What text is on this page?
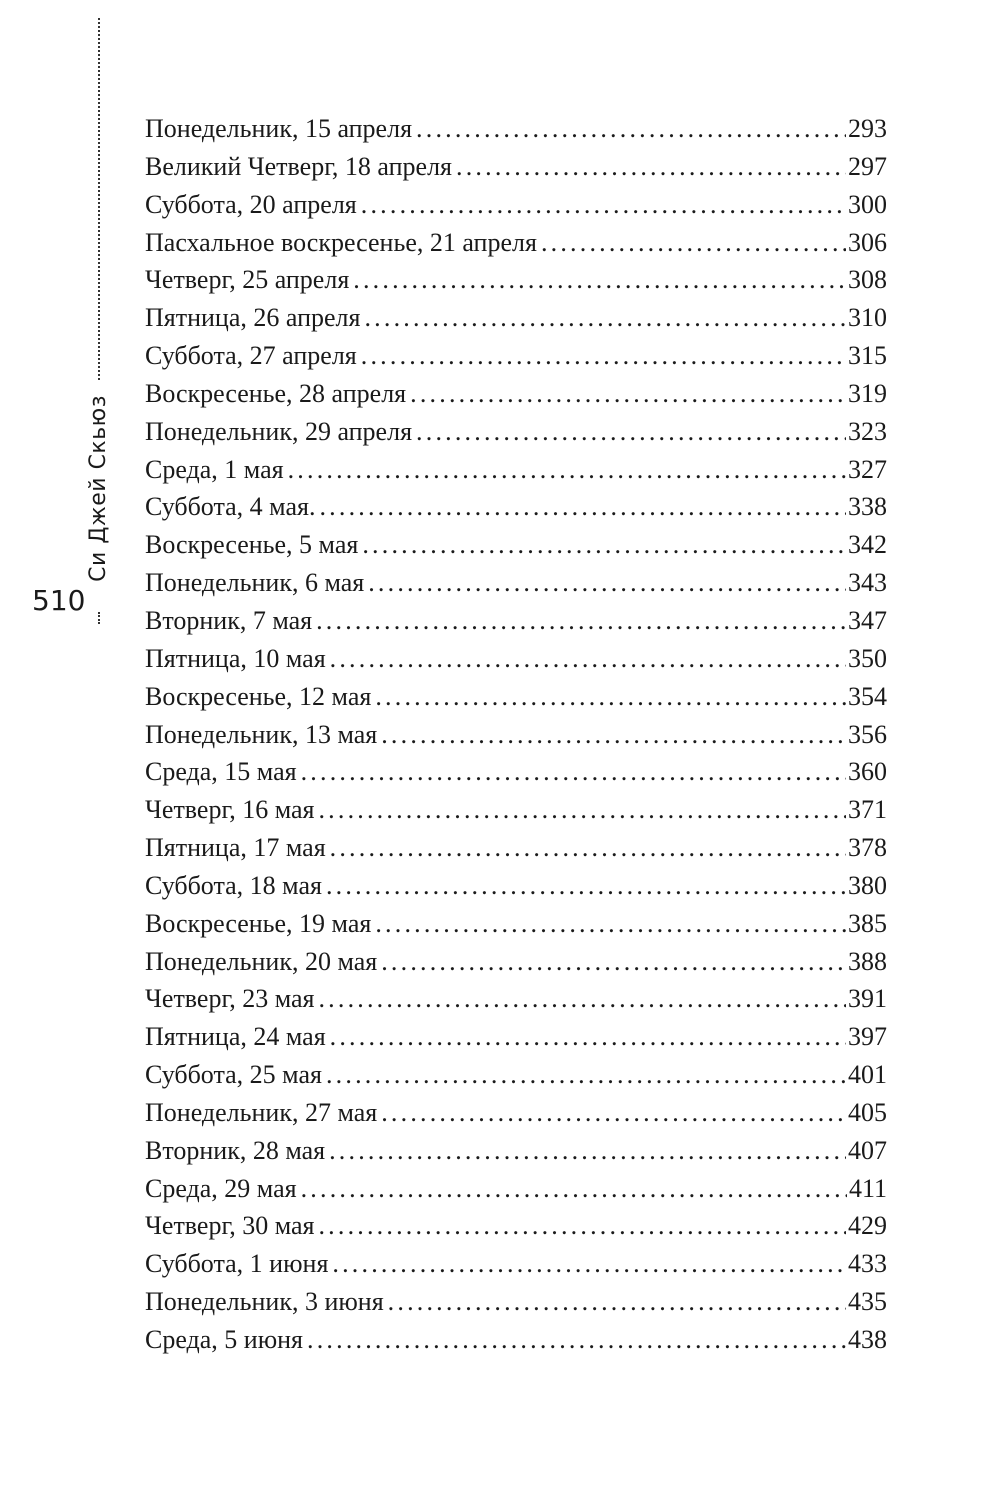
Си Джей Скьюз
510
Понедельник, 15 апреля .....	293
Великий Четверг, 18 апреля .....	297
Суббота, 20 апреля .....	300
Пасхальное воскресенье, 21 апреля .....	306
Четверг, 25 апреля .....	308
Пятница, 26 апреля .....	310
Суббота, 27 апреля .....	315
Воскресенье, 28 апреля .....	319
Понедельник, 29 апреля .....	323
Среда, 1 мая .....	327
Суббота, 4 мая. .....	338
Воскресенье, 5 мая .....	342
Понедельник, 6 мая .....	343
Вторник, 7 мая .....	347
Пятница, 10 мая .....	350
Воскресенье, 12 мая .....	354
Понедельник, 13 мая .....	356
Среда, 15 мая .....	360
Четверг, 16 мая .....	371
Пятница, 17 мая .....	378
Суббота, 18 мая .....	380
Воскресенье, 19 мая .....	385
Понедельник, 20 мая .....	388
Четверг, 23 мая .....	391
Пятница, 24 мая .....	397
Суббота, 25 мая .....	401
Понедельник, 27 мая .....	405
Вторник, 28 мая .....	407
Среда, 29 мая .....	411
Четверг, 30 мая .....	429
Суббота, 1 июня .....	433
Понедельник, 3 июня .....	435
Среда, 5 июня .....	438
